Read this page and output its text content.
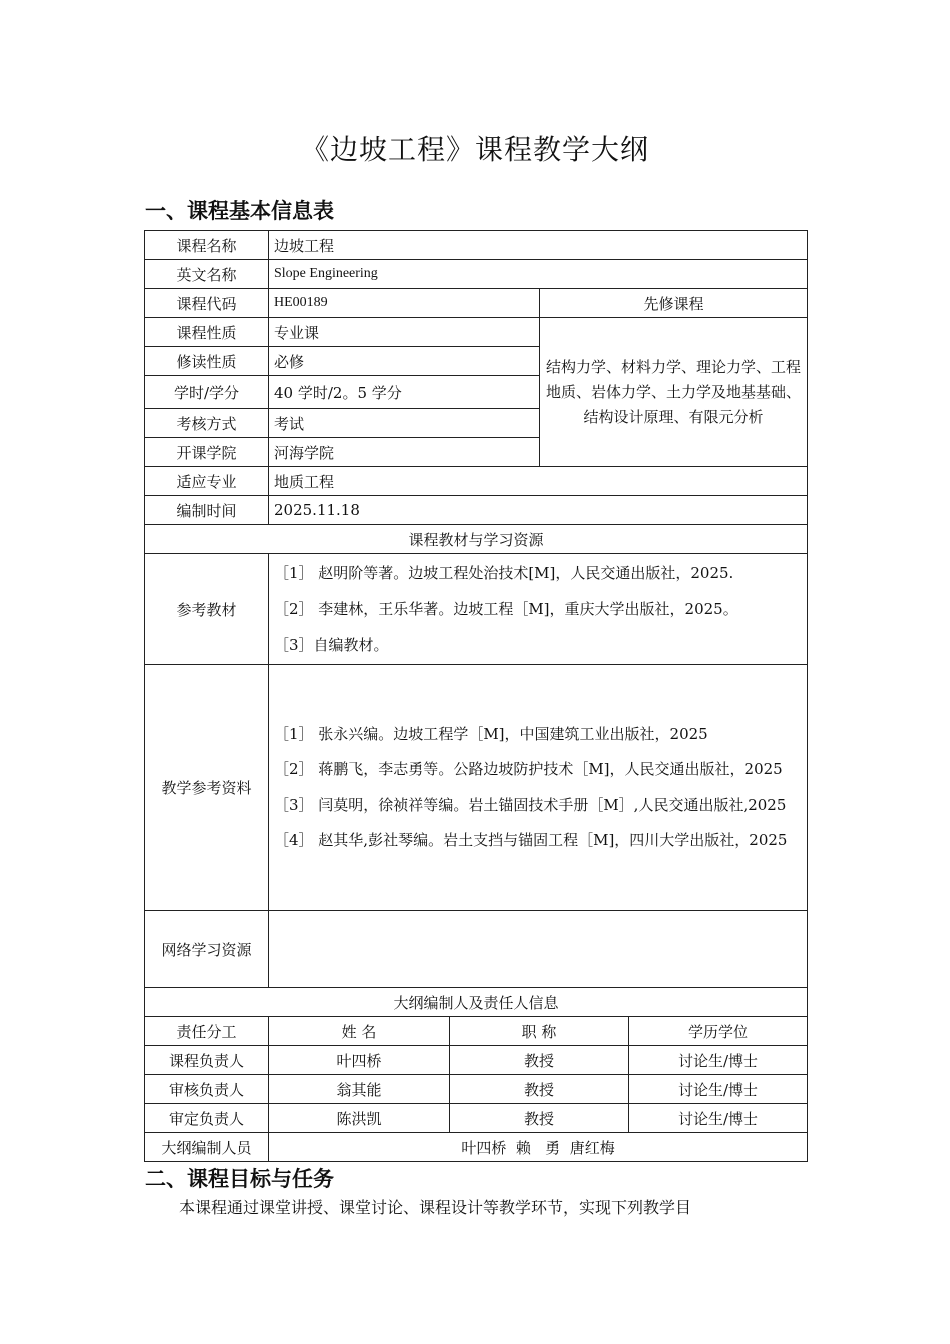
《边坡工程》课程教学大纲
一、课程基本信息表
课程名称	边坡工程			
英文名称	Slope Engineering			
课程代码	HE00189		先修课程	
课程性质	专业课		结构力学、材料力学、理论力学、工程地质、岩体力学、土力学及地基基础、结构设计原理、有限元分析	
修读性质	必修			
学时/学分	40 学时/2。5 学分			
考核方式	考试			
开课学院	河海学院			
适应专业	地质工程			
编制时间	2025.11.18			
课程教材与学习资源				
参考教材	［1］ 赵明阶等著。边坡工程处治技术[M]，人民交通出版社，2025.
［2］ 李建林，王乐华著。边坡工程［M]，重庆大学出版社，2025。
［3］自编教材。			

教学参考资料	［1］ 张永兴编。边坡工程学［M]，中国建筑工业出版社，2025
［2］ 蒋鹏飞，李志勇等。公路边坡防护技术［M]，人民交通出版社，2025
［3］ 闫莫明，徐祯祥等编。岩土锚固技术手册［M］,人民交通出版社,2025
［4］ 赵其华,彭社琴编。岩土支挡与锚固工程［M]，四川大学出版社，2025			

网络学习资源				
大纲编制人及责任人信息				
责任分工	姓 名	职 称		学历学位
课程负责人	叶四桥	教授		讨论生/博士
审核负责人	翁其能	教授		讨论生/博士
审定负责人	陈洪凯	教授		讨论生/博士
大纲编制人员	叶四桥  赖   勇  唐红梅			
二、课程目标与任务
本课程通过课堂讲授、课堂讨论、课程设计等教学环节，实现下列教学目
